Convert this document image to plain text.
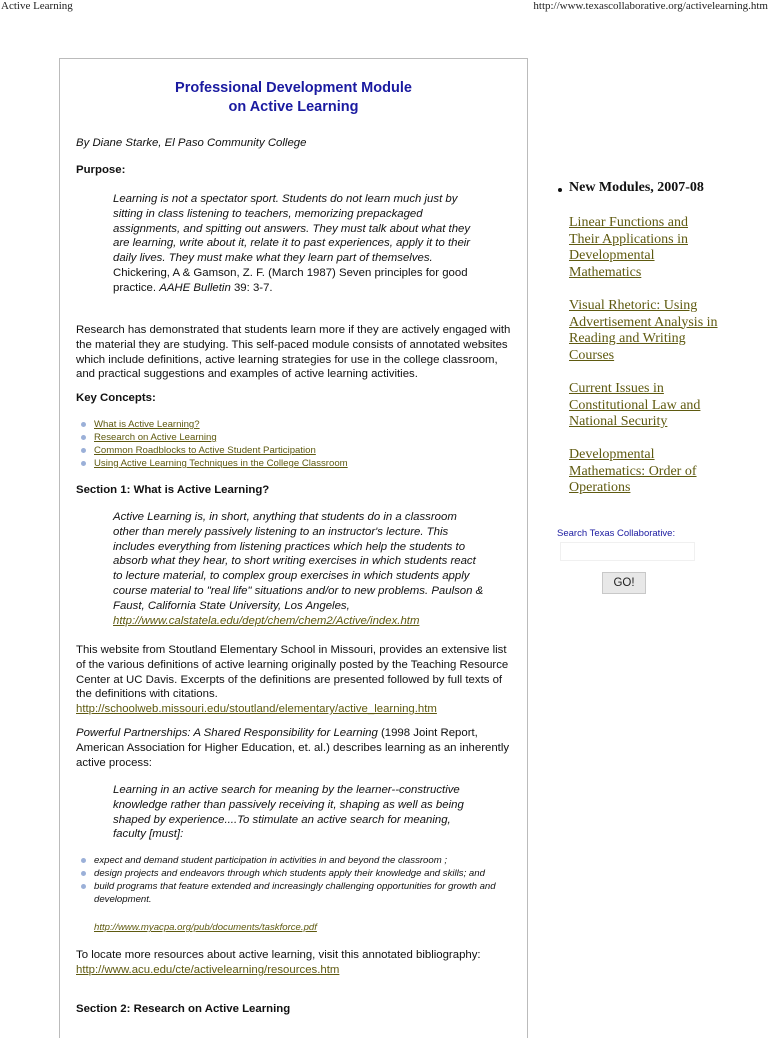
Active Learning	http://www.texascollaborative.org/activelearning.htm
Professional Development Module
on Active Learning
By Diane Starke, El Paso Community College
Purpose:
Learning is not a spectator sport. Students do not learn much just by sitting in class listening to teachers, memorizing prepackaged assignments, and spitting out answers. They must talk about what they are learning, write about it, relate it to past experiences, apply it to their daily lives. They must make what they learn part of themselves.
Chickering, A & Gamson, Z. F. (March 1987) Seven principles for good practice. AAHE Bulletin 39: 3-7.
Research has demonstrated that students learn more if they are actively engaged with the material they are studying. This self-paced module consists of annotated websites which include definitions, active learning strategies for use in the college classroom, and practical suggestions and examples of active learning activities.
Key Concepts:
What is Active Learning?
Research on Active Learning
Common Roadblocks to Active Student Participation
Using Active Learning Techniques in the College Classroom
Section 1: What is Active Learning?
Active Learning is, in short, anything that students do in a classroom other than merely passively listening to an instructor's lecture. This includes everything from listening practices which help the students to absorb what they hear, to short writing exercises in which students react to lecture material, to complex group exercises in which students apply course material to "real life" situations and/or to new problems. Paulson & Faust, California State University, Los Angeles,
http://www.calstatela.edu/dept/chem/chem2/Active/index.htm
This website from Stoutland Elementary School in Missouri, provides an extensive list of the various definitions of active learning originally posted by the Teaching Resource Center at UC Davis. Excerpts of the definitions are presented followed by full texts of the definitions with citations.
http://schoolweb.missouri.edu/stoutland/elementary/active_learning.htm
Powerful Partnerships: A Shared Responsibility for Learning (1998 Joint Report, American Association for Higher Education, et. al.) describes learning as an inherently active process:
Learning in an active search for meaning by the learner--constructive knowledge rather than passively receiving it, shaping as well as being shaped by experience....To stimulate an active search for meaning, faculty [must]:
expect and demand student participation in activities in and beyond the classroom ;
design projects and endeavors through which students apply their knowledge and skills; and
build programs that feature extended and increasingly challenging opportunities for growth and development.
http://www.myacpa.org/pub/documents/taskforce.pdf
To locate more resources about active learning, visit this annotated bibliography:
http://www.acu.edu/cte/activelearning/resources.htm
Section 2: Research on Active Learning
New Modules, 2007-08
Linear Functions and Their Applications in Developmental Mathematics
Visual Rhetoric: Using Advertisement Analysis in Reading and Writing Courses
Current Issues in Constitutional Law and National Security
Developmental Mathematics: Order of Operations
Search Texas Collaborative:
GO!
